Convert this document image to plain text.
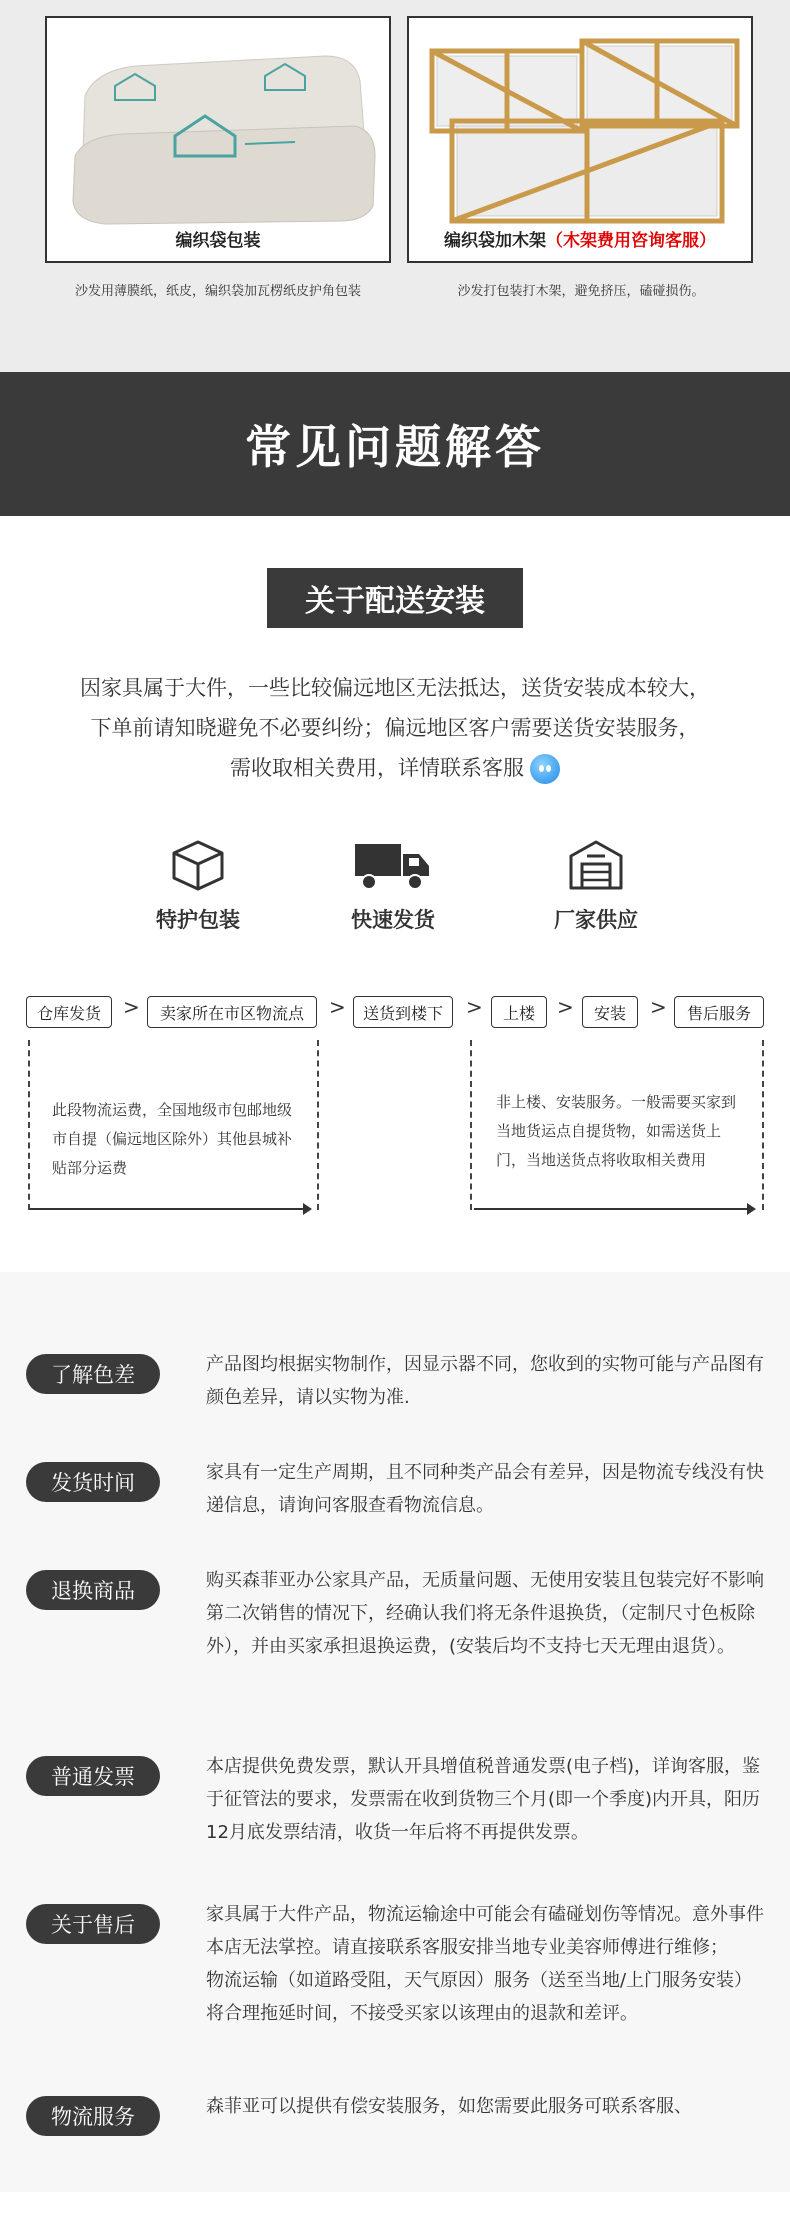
编织袋包装	编织袋加木架（木架费用咨询客服）
沙发用薄膜纸，纸皮，编织袋加瓦楞纸皮护角包装	沙发打包装打木架，避免挤压，磕碰损伤。
常见问题解答
关于配送安装
因家具属于大件，一些比较偏远地区无法抵达，送货安装成本较大，
下单前请知晓避免不必要纠纷；偏远地区客户需要送货安装服务，
需收取相关费用，详情联系客服
特护包装	快速发货	厂家供应
仓库发货	>	卖家所在市区物流点	>	送货到楼下	>	上楼	>	安装	>	售后服务
此段物流运费，全国地级市包邮地级市自提（偏远地区除外）其他县城补贴部分运费
非上楼、安装服务。一般需要买家到当地货运点自提货物，如需送货上门，当地送货点将收取相关费用
了解色差	产品图均根据实物制作，因显示器不同，您收到的实物可能与产品图有颜色差异，请以实物为准.
发货时间	家具有一定生产周期，且不同种类产品会有差异，因是物流专线没有快递信息，请询问客服查看物流信息。
退换商品	购买森菲亚办公家具产品，无质量问题、无使用安装且包装完好不影响第二次销售的情况下，经确认我们将无条件退换货，（定制尺寸色板除外），并由买家承担退换运费，(安装后均不支持七天无理由退货）。
普通发票	本店提供免费发票，默认开具增值税普通发票(电子档)，详询客服，鉴于征管法的要求，发票需在收到货物三个月(即一个季度)内开具，阳历12月底发票结清，收货一年后将不再提供发票。
关于售后	家具属于大件产品，物流运输途中可能会有磕碰划伤等情况。意外事件本店无法掌控。请直接联系客服安排当地专业美容师傅进行维修；
物流运输（如道路受阻，天气原因）服务（送至当地/上门服务安装）将合理拖延时间，不接受买家以该理由的退款和差评。
物流服务	森菲亚可以提供有偿安装服务，如您需要此服务可联系客服、
